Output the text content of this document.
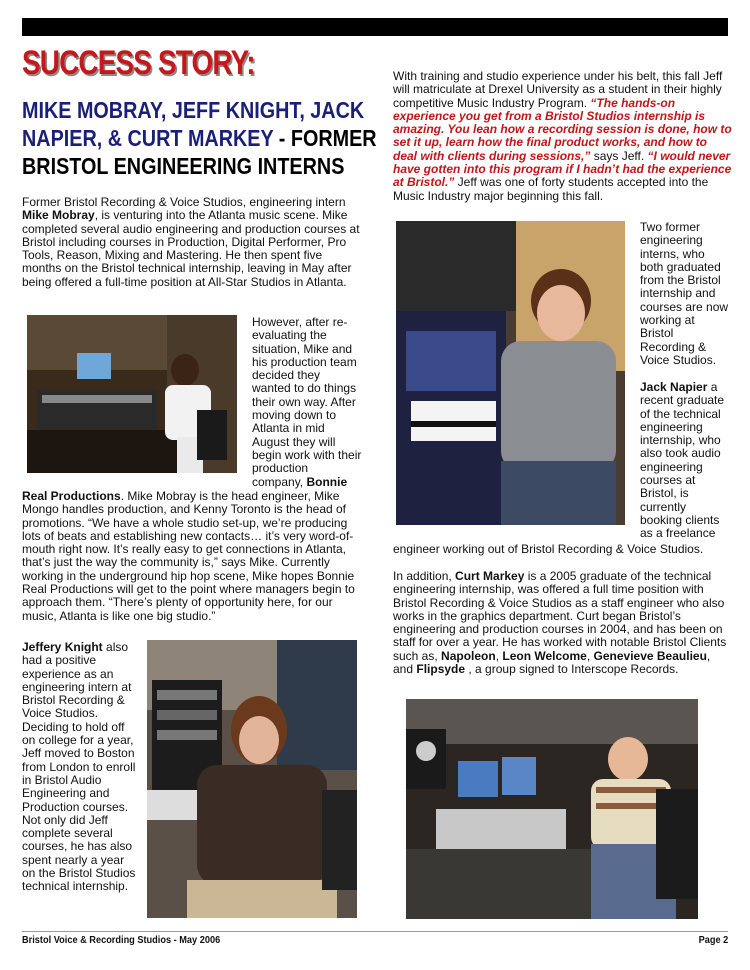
SUCCESS STORY:
MIKE MOBRAY, JEFF KNIGHT, JACK NAPIER, & CURT MARKEY - FORMER BRISTOL ENGINEERING INTERNS

Former Bristol Recording & Voice Studios, engineering intern Mike Mobray, is venturing into the Atlanta music scene. Mike completed several audio engineering and production courses at Bristol including courses in Production, Digital Performer, Pro Tools, Reason, Mixing and Mastering. He then spent five months on the Bristol technical internship, leaving in May after being offered a full-time position at All-Star Studios in Atlanta.

However, after re-evaluating the situation, Mike and his production team decided they wanted to do things their own way. After moving down to Atlanta in mid August they will begin work with their production company, Bonnie

Real Productions. Mike Mobray is the head engineer, Mike Mongo handles production, and Kenny Toronto is the head of promotions. “We have a whole studio set-up, we’re producing lots of beats and establishing new contacts… it’s very word-of-mouth right now. It’s really easy to get connections in Atlanta, that’s just the way the community is,” says Mike. Currently working in the underground hip hop scene, Mike hopes Bonnie Real Productions will get to the point where managers begin to approach them. “There’s plenty of opportunity here, for our music, Atlanta is like one big studio.”

Jeffery Knight also had a positive experience as an engineering intern at Bristol Recording & Voice Studios. Deciding to hold off on college for a year, Jeff moved to Boston from London to enroll in Bristol Audio Engineering and Production courses. Not only did Jeff complete several courses, he has also spent nearly a year on the Bristol Studios technical internship.

With training and studio experience under his belt, this fall Jeff will matriculate at Drexel University as a student in their highly competitive Music Industry Program. “The hands-on experience you get from a Bristol Studios internship is amazing. You lean how a recording session is done, how to set it up, learn how the final product works, and how to deal with clients during sessions,” says Jeff. “I would never have gotten into this program if I hadn’t had the experience at Bristol.” Jeff was one of forty students accepted into the Music Industry major beginning this fall.

Two former engineering interns, who both graduated from the Bristol internship and courses are now working at Bristol Recording & Voice Studios.

Jack Napier a recent graduate of the technical engineering internship, who also took audio engineering courses at Bristol, is currently booking clients as a freelance

engineer working out of Bristol Recording & Voice Studios.

In addition, Curt Markey is a 2005 graduate of the technical engineering internship, was offered a full time position with Bristol Recording & Voice Studios as a staff engineer who also works in the graphics department. Curt began Bristol’s engineering and production courses in 2004, and has been on staff for over a year. He has worked with notable Bristol Clients such as, Napoleon, Leon Welcome, Genevieve Beaulieu, and Flipsyde , a group signed to Interscope Records.

Bristol Voice & Recording Studios - May 2006	Page 2
